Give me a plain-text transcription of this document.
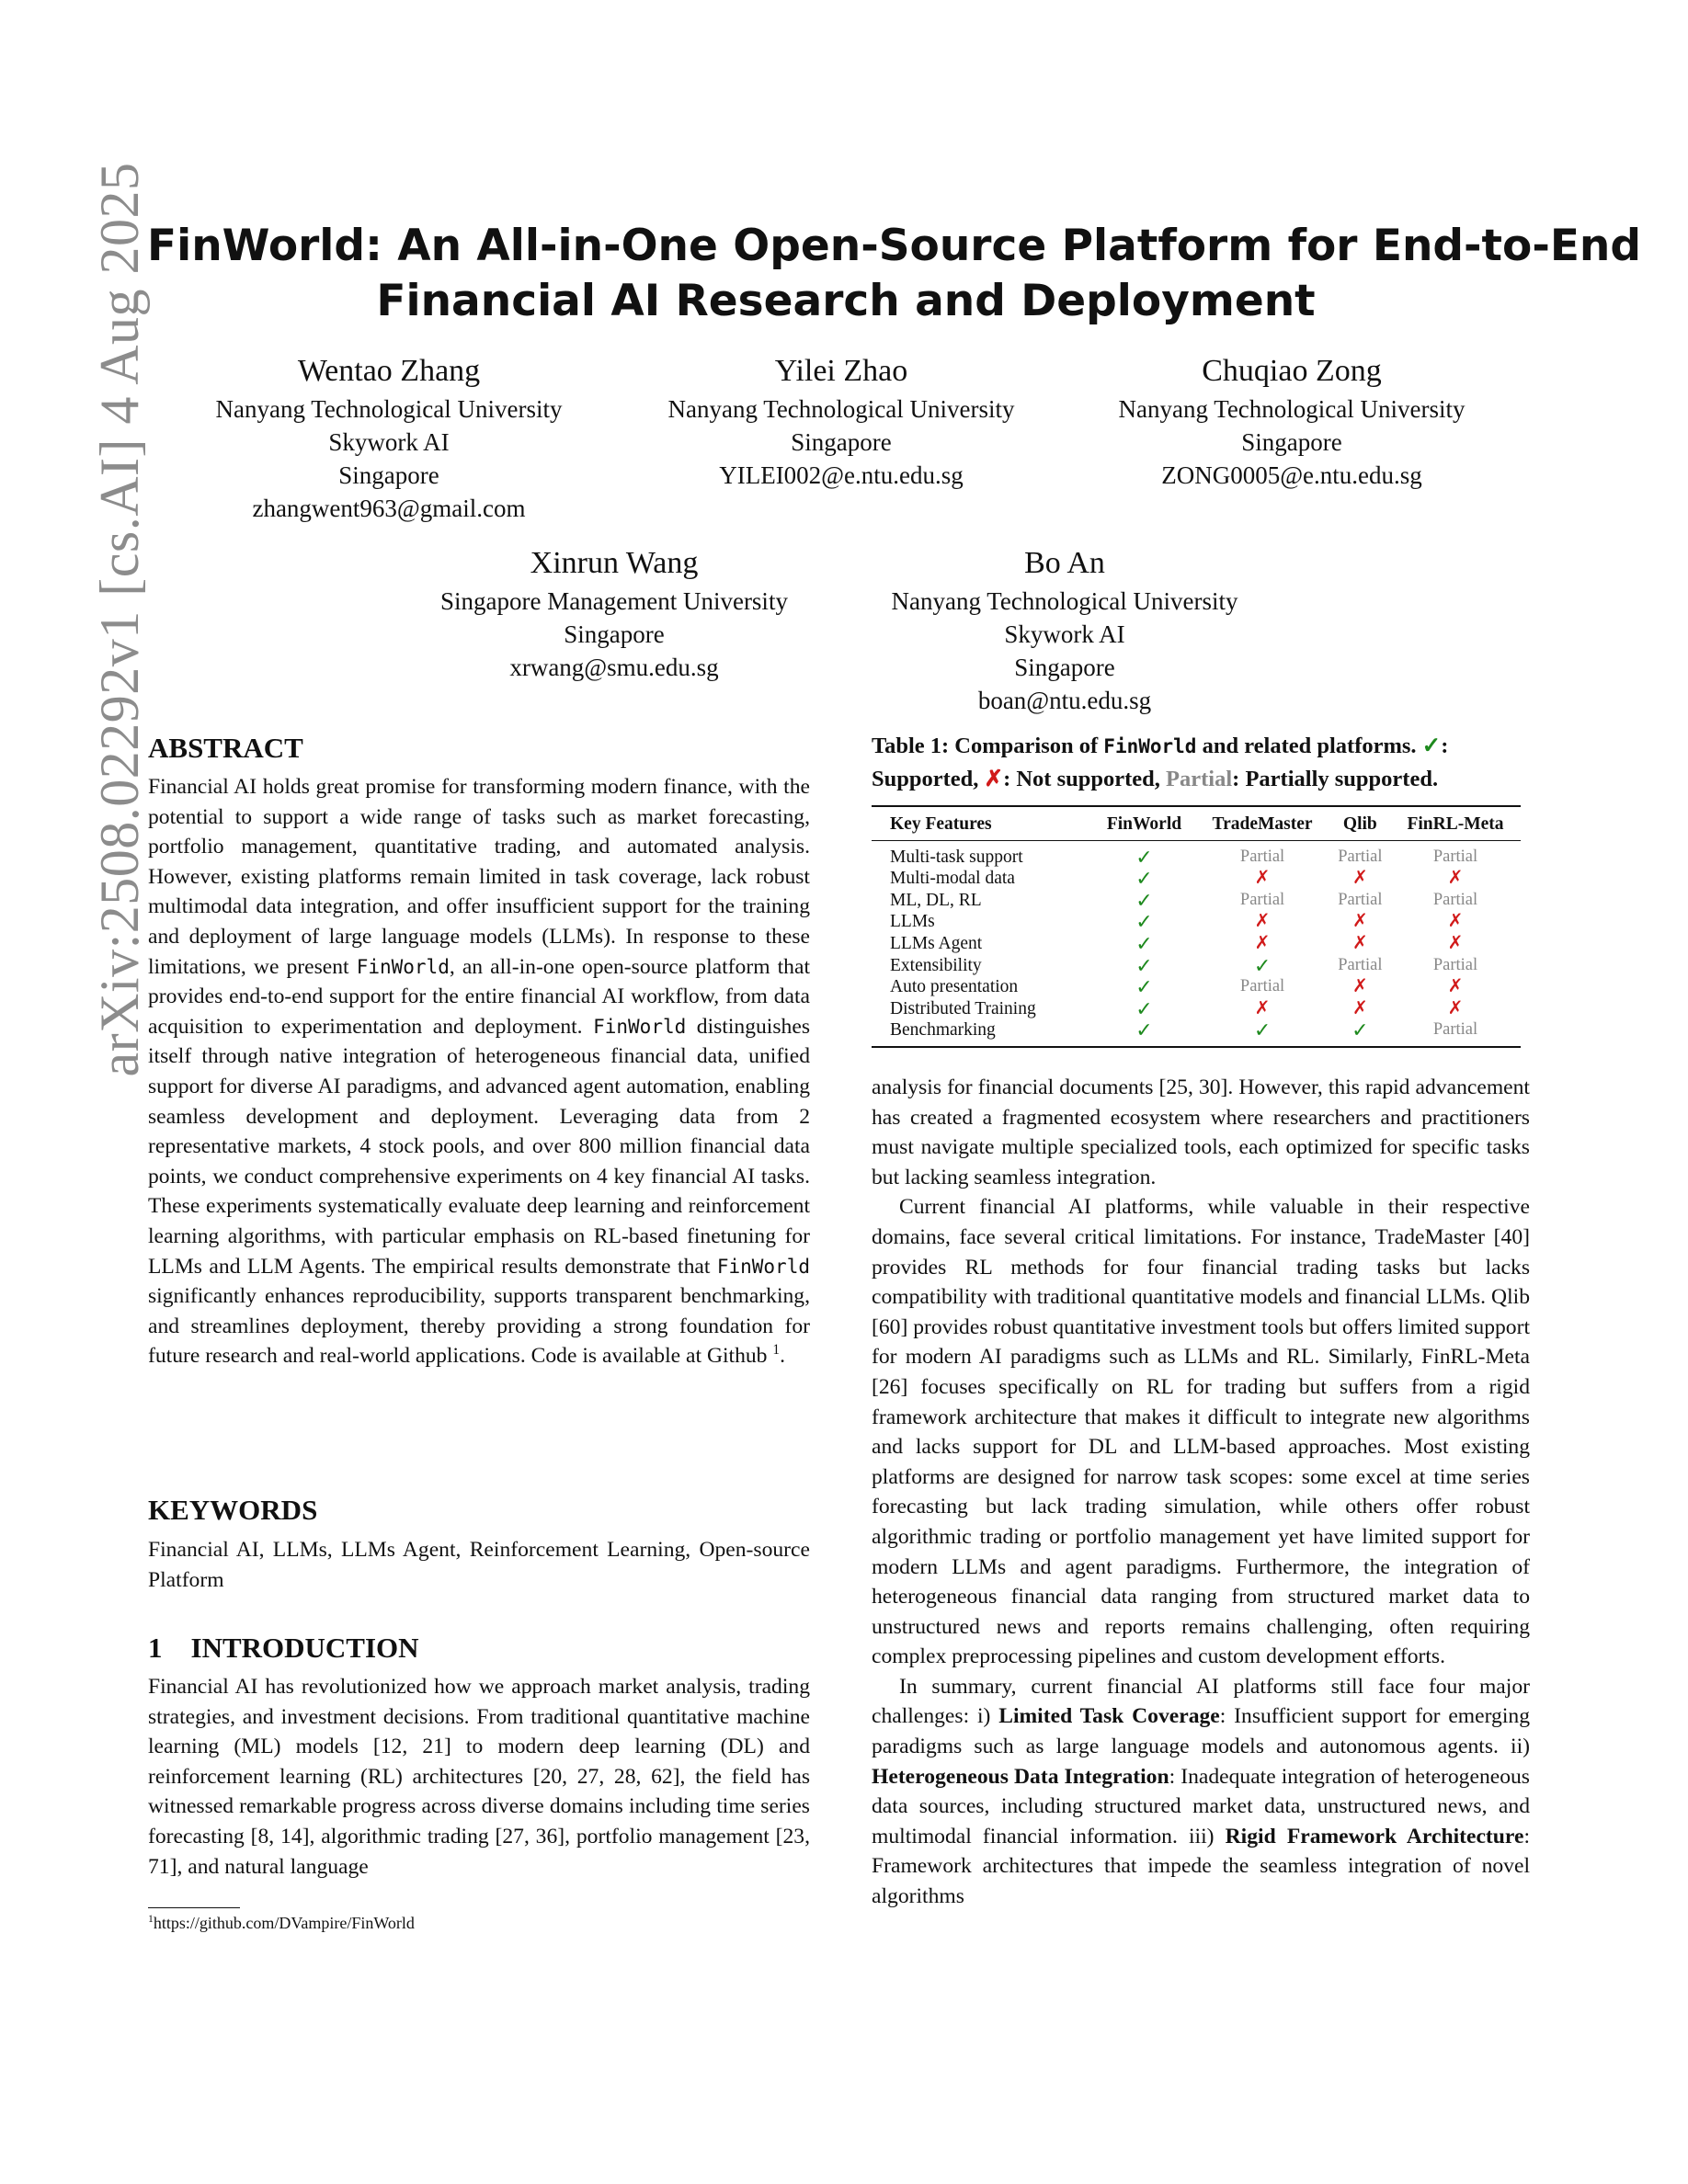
arXiv:2508.02292v1 [cs.AI] 4 Aug 2025
FinWorld: An All-in-One Open-Source Platform for End-to-End
Financial AI Research and Deployment
Wentao Zhang
Nanyang Technological University
Skywork AI
Singapore
zhangwent963@gmail.com
Yilei Zhao
Nanyang Technological University
Singapore
YILEI002@e.ntu.edu.sg
Chuqiao Zong
Nanyang Technological University
Singapore
ZONG0005@e.ntu.edu.sg
Xinrun Wang
Singapore Management University
Singapore
xrwang@smu.edu.sg
Bo An
Nanyang Technological University
Skywork AI
Singapore
boan@ntu.edu.sg
ABSTRACT

Financial AI holds great promise for transforming modern finance, with the potential to support a wide range of tasks such as market forecasting, portfolio management, quantitative trading, and automated analysis. However, existing platforms remain limited in task coverage, lack robust multimodal data integration, and offer insufficient support for the training and deployment of large language models (LLMs). In response to these limitations, we present FinWorld, an all-in-one open-source platform that provides end-to-end support for the entire financial AI workflow, from data acquisition to experimentation and deployment. FinWorld distinguishes itself through native integration of heterogeneous financial data, unified support for diverse AI paradigms, and advanced agent automation, enabling seamless development and deployment. Leveraging data from 2 representative markets, 4 stock pools, and over 800 million financial data points, we conduct comprehensive experiments on 4 key financial AI tasks. These experiments systematically evaluate deep learning and reinforcement learning algorithms, with particular emphasis on RL-based finetuning for LLMs and LLM Agents. The empirical results demonstrate that FinWorld significantly enhances reproducibility, supports transparent benchmarking, and streamlines deployment, thereby providing a strong foundation for future research and real-world applications. Code is available at Github $^1$.

KEYWORDS

Financial AI, LLMs, LLMs Agent, Reinforcement Learning, Open-source Platform

1    INTRODUCTION

Financial AI has revolutionized how we approach market analysis, trading strategies, and investment decisions. From traditional quantitative machine learning (ML) models [12, 21] to modern deep learning (DL) and reinforcement learning (RL) architectures [20, 27, 28, 62], the field has witnessed remarkable progress across diverse domains including time series forecasting [8, 14], algorithmic trading [27, 36], portfolio management [23, 71], and natural language

$^1$https://github.com/DVampire/FinWorld
Table 1: Comparison of FinWorld and related platforms. ✓: Supported, ✗: Not supported, Partial: Partially supported.
Key Features	FinWorld	TradeMaster	Qlib	FinRL-Meta
Multi-task support	✓	Partial	Partial	Partial
Multi-modal data	✓	✗	✗	✗
ML, DL, RL	✓	Partial	Partial	Partial
LLMs	✓	✗	✗	✗
LLMs Agent	✓	✗	✗	✗
Extensibility	✓	✓	Partial	Partial
Auto presentation	✓	Partial	✗	✗
Distributed Training	✓	✗	✗	✗
Benchmarking	✓	✓	✓	Partial

analysis for financial documents [25, 30]. However, this rapid advancement has created a fragmented ecosystem where researchers and practitioners must navigate multiple specialized tools, each optimized for specific tasks but lacking seamless integration.

Current financial AI platforms, while valuable in their respective domains, face several critical limitations. For instance, TradeMaster [40] provides RL methods for four financial trading tasks but lacks compatibility with traditional quantitative models and financial LLMs. Qlib [60] provides robust quantitative investment tools but offers limited support for modern AI paradigms such as LLMs and RL. Similarly, FinRL-Meta [26] focuses specifically on RL for trading but suffers from a rigid framework architecture that makes it difficult to integrate new algorithms and lacks support for DL and LLM-based approaches. Most existing platforms are designed for narrow task scopes: some excel at time series forecasting but lack trading simulation, while others offer robust algorithmic trading or portfolio management yet have limited support for modern LLMs and agent paradigms. Furthermore, the integration of heterogeneous financial data ranging from structured market data to unstructured news and reports remains challenging, often requiring complex preprocessing pipelines and custom development efforts.

In summary, current financial AI platforms still face four major challenges: i) Limited Task Coverage: Insufficient support for emerging paradigms such as large language models and autonomous agents. ii) Heterogeneous Data Integration: Inadequate integration of heterogeneous data sources, including structured market data, unstructured news, and multimodal financial information. iii) Rigid Framework Architecture: Framework architectures that impede the seamless integration of novel algorithms
